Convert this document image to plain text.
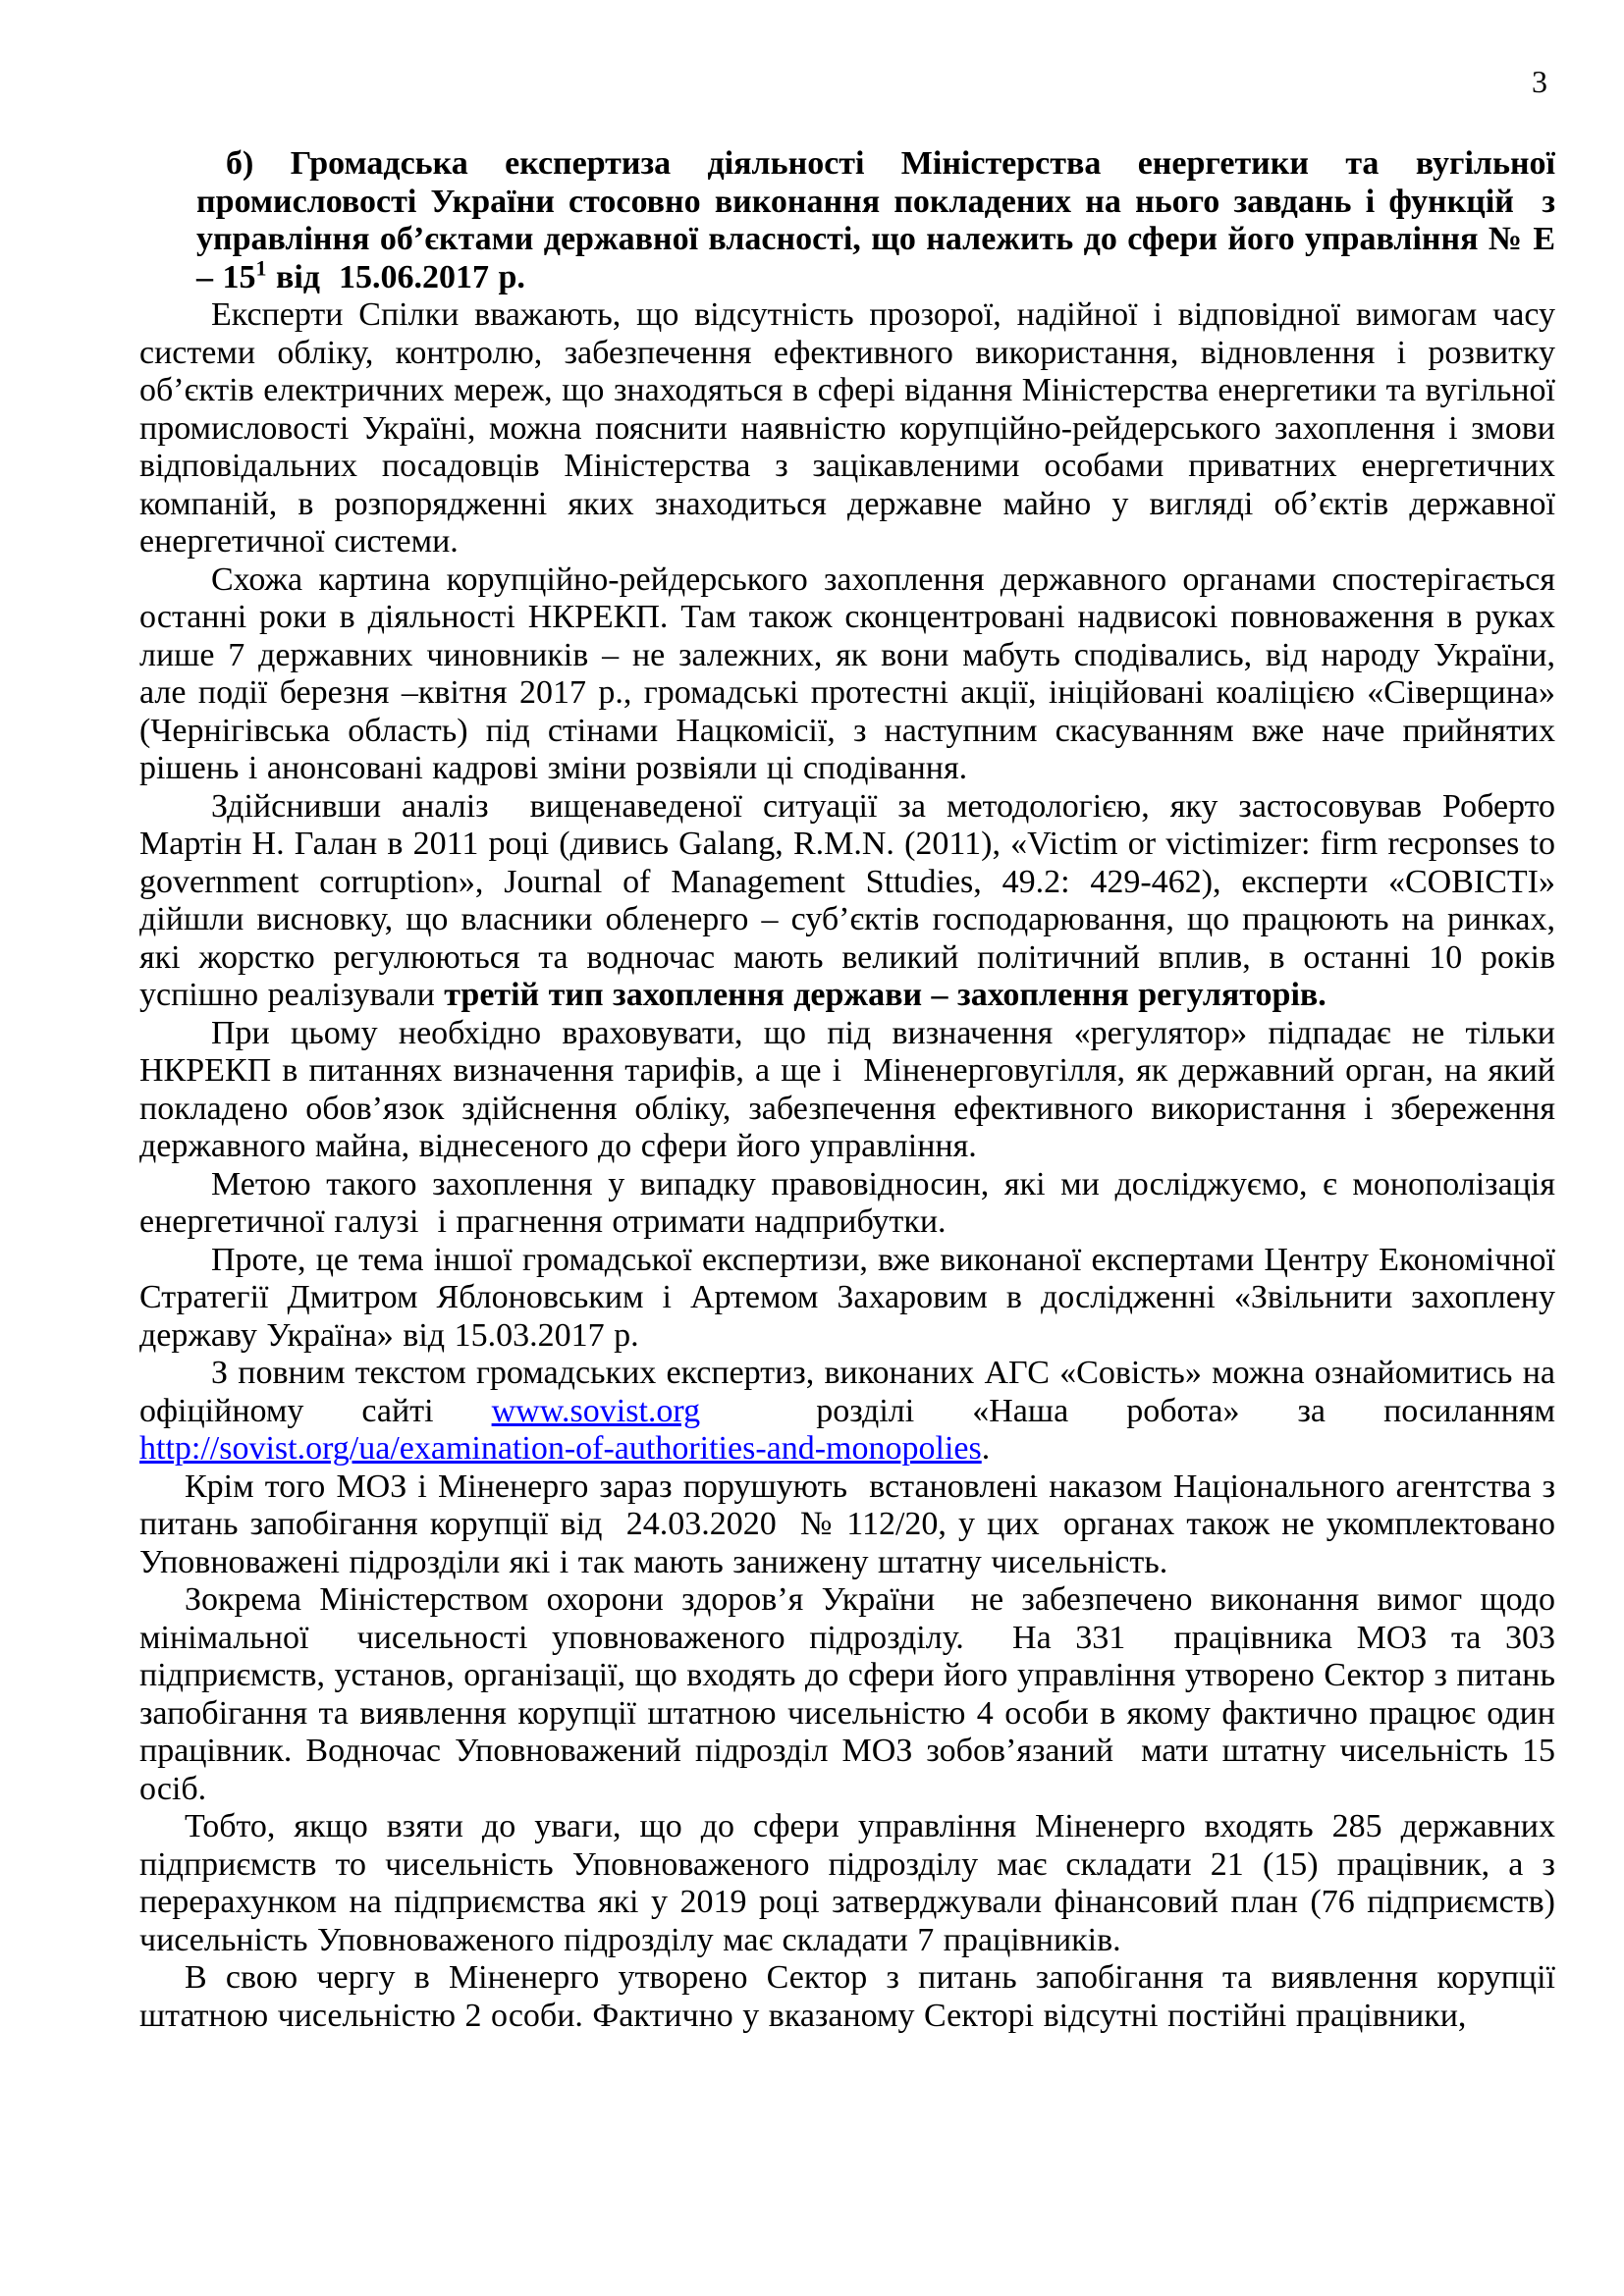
3

б) Громадська експертиза діяльності Міністерства енергетики та вугільної промисловості України стосовно виконання покладених на нього завдань і функцій  з управління об’єктами державної власності, що належить до сфери його управління № Е – $15^1$ від  15.06.2017 р.

Експерти Спілки вважають, що відсутність прозорої, надійної і відповідної вимогам часу системи обліку, контролю, забезпечення ефективного використання, відновлення і розвитку об’єктів електричних мереж, що знаходяться в сфері відання Міністерства енергетики та вугільної промисловості Україні, можна пояснити наявністю корупційно-рейдерського захоплення і змови відповідальних посадовців Міністерства з зацікавленими особами приватних енергетичних компаній, в розпорядженні яких знаходиться державне майно у вигляді об’єктів державної енергетичної системи.

Схожа картина корупційно-рейдерського захоплення державного органами спостерігається останні роки в діяльності НКРЕКП. Там також сконцентровані надвисокі повноваження в руках лише 7 державних чиновників – не залежних, як вони мабуть сподівались, від народу України, але події березня –квітня 2017 р., громадські протестні акції, ініційовані коаліцією «Сіверщина» (Чернігівська область) під стінами Нацкомісії, з наступним скасуванням вже наче прийнятих рішень і анонсовані кадрові зміни розвіяли ці сподівання.

Здійснивши аналіз  вищенаведеної ситуації за методологією, яку застосовував Роберто Мартін Н. Галан в 2011 році (дивись Galang, R.M.N. (2011), «Victim or victimizer: firm recponses to government corruption», Journal of Management Sttudies, 49.2: 429-462), експерти «СОВІСТІ» дійшли висновку, що власники обленерго – суб’єктів господарювання, що працюють на ринках, які жорстко регулюються та водночас мають великий політичний вплив, в останні 10 років успішно реалізували третій тип захоплення держави – захоплення регуляторів.

При цьому необхідно враховувати, що під визначення «регулятор» підпадає не тільки НКРЕКП в питаннях визначення тарифів, а ще і  Міненерговугілля, як державний орган, на який покладено обов’язок здійснення обліку, забезпечення ефективного використання і збереження державного майна, віднесеного до сфери його управління.

Метою такого захоплення у випадку правовідносин, які ми досліджуємо, є монополізація енергетичної галузі  і прагнення отримати надприбутки.

Проте, це тема іншої громадської експертизи, вже виконаної експертами Центру Економічної Стратегії Дмитром Яблоновським і Артемом Захаровим в дослідженні «Звільнити захоплену державу Україна» від 15.03.2017 р.

З повним текстом громадських експертиз, виконаних АГС «Совість» можна ознайомитись на офіційному сайті www.sovist.org  розділі «Наша робота» за посиланням http://sovist.org/ua/examination-of-authorities-and-monopolies.

Крім того МОЗ і Міненерго зараз порушують  встановлені наказом Національного агентства з питань запобігання корупції від  24.03.2020  № 112/20, у цих  органах також не укомплектовано Уповноважені підрозділи які і так мають занижену штатну чисельність.

Зокрема Міністерством охорони здоров’я України  не забезпечено виконання вимог щодо мінімальної  чисельності уповноваженого підрозділу.  На 331  працівника МОЗ та 303 підприємств, установ, організації, що входять до сфери його управління утворено Сектор з питань запобігання та виявлення корупції штатною чисельністю 4 особи в якому фактично працює один працівник. Водночас Уповноважений підрозділ МОЗ зобов’язаний  мати штатну чисельність 15 осіб.

Тобто, якщо взяти до уваги, що до сфери управління Міненерго входять 285 державних підприємств то чисельність Уповноваженого підрозділу має складати 21 (15) працівник, а з перерахунком на підприємства які у 2019 році затверджували фінансовий план (76 підприємств) чисельність Уповноваженого підрозділу має складати 7 працівників.

В свою чергу в Міненерго утворено Сектор з питань запобігання та виявлення корупції штатною чисельністю 2 особи. Фактично у вказаному Секторі відсутні постійні працівники,
